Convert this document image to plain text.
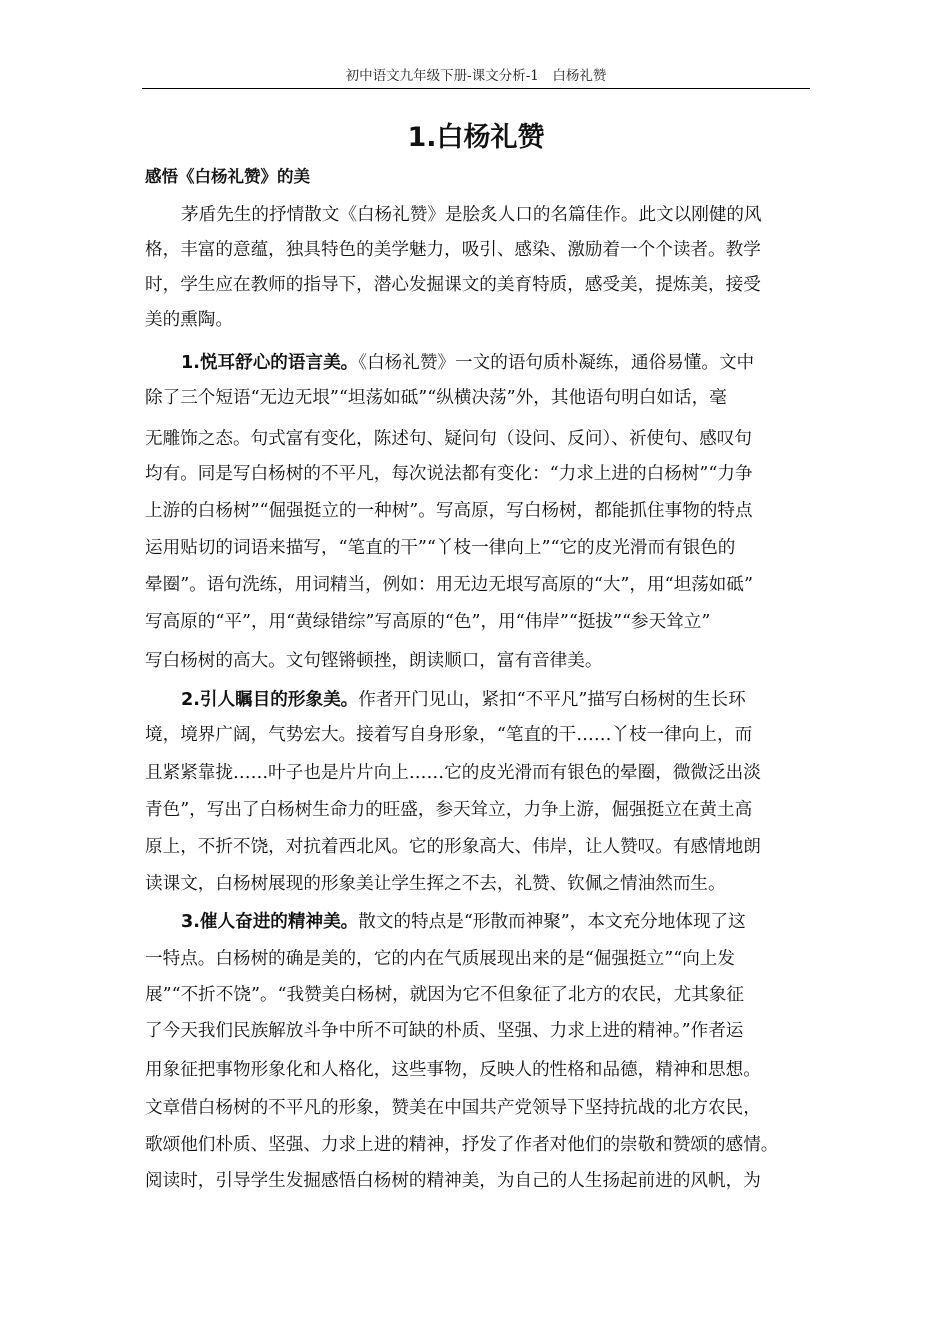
初中语文九年级下册-课文分析-1　白杨礼赞
1.白杨礼赞
感悟《白杨礼赞》的美
茅盾先生的抒情散文《白杨礼赞》是脍炙人口的名篇佳作。此文以刚健的风
格，丰富的意蕴，独具特色的美学魅力，吸引、感染、激励着一个个读者。教学
时，学生应在教师的指导下，潜心发掘课文的美育特质，感受美，提炼美，接受
美的熏陶。
1.悦耳舒心的语言美。《白杨礼赞》一文的语句质朴凝练，通俗易懂。文中
除了三个短语“无边无垠”“坦荡如砥”“纵横决荡”外，其他语句明白如话，毫
无雕饰之态。句式富有变化，陈述句、疑问句（设问、反问）、祈使句、感叹句
均有。同是写白杨树的不平凡，每次说法都有变化：“力求上进的白杨树”“力争
上游的白杨树”“倔强挺立的一种树”。写高原，写白杨树，都能抓住事物的特点
运用贴切的词语来描写，“笔直的干”“丫枝一律向上”“它的皮光滑而有银色的
晕圈”。语句洗练，用词精当，例如：用无边无垠写高原的“大”，用“坦荡如砥”
写高原的“平”，用“黄绿错综”写高原的“色”，用“伟岸”“挺拔”“参天耸立”
写白杨树的高大。文句铿锵顿挫，朗读顺口，富有音律美。
2.引人瞩目的形象美。作者开门见山，紧扣“不平凡”描写白杨树的生长环
境，境界广阔，气势宏大。接着写自身形象，“笔直的干……丫枝一律向上，而
且紧紧靠拢……叶子也是片片向上……它的皮光滑而有银色的晕圈，微微泛出淡
青色”，写出了白杨树生命力的旺盛，参天耸立，力争上游，倔强挺立在黄土高
原上，不折不饶，对抗着西北风。它的形象高大、伟岸，让人赞叹。有感情地朗
读课文，白杨树展现的形象美让学生挥之不去，礼赞、钦佩之情油然而生。
3.催人奋进的精神美。散文的特点是“形散而神聚”，本文充分地体现了这
一特点。白杨树的确是美的，它的内在气质展现出来的是“倔强挺立”“向上发
展”“不折不饶”。“我赞美白杨树，就因为它不但象征了北方的农民，尤其象征
了今天我们民族解放斗争中所不可缺的朴质、坚强、力求上进的精神。”作者运
用象征把事物形象化和人格化，这些事物，反映人的性格和品德，精神和思想。
文章借白杨树的不平凡的形象，赞美在中国共产党领导下坚持抗战的北方农民，
歌颂他们朴质、坚强、力求上进的精神，抒发了作者对他们的崇敬和赞颂的感情。
阅读时，引导学生发掘感悟白杨树的精神美，为自己的人生扬起前进的风帆，为
